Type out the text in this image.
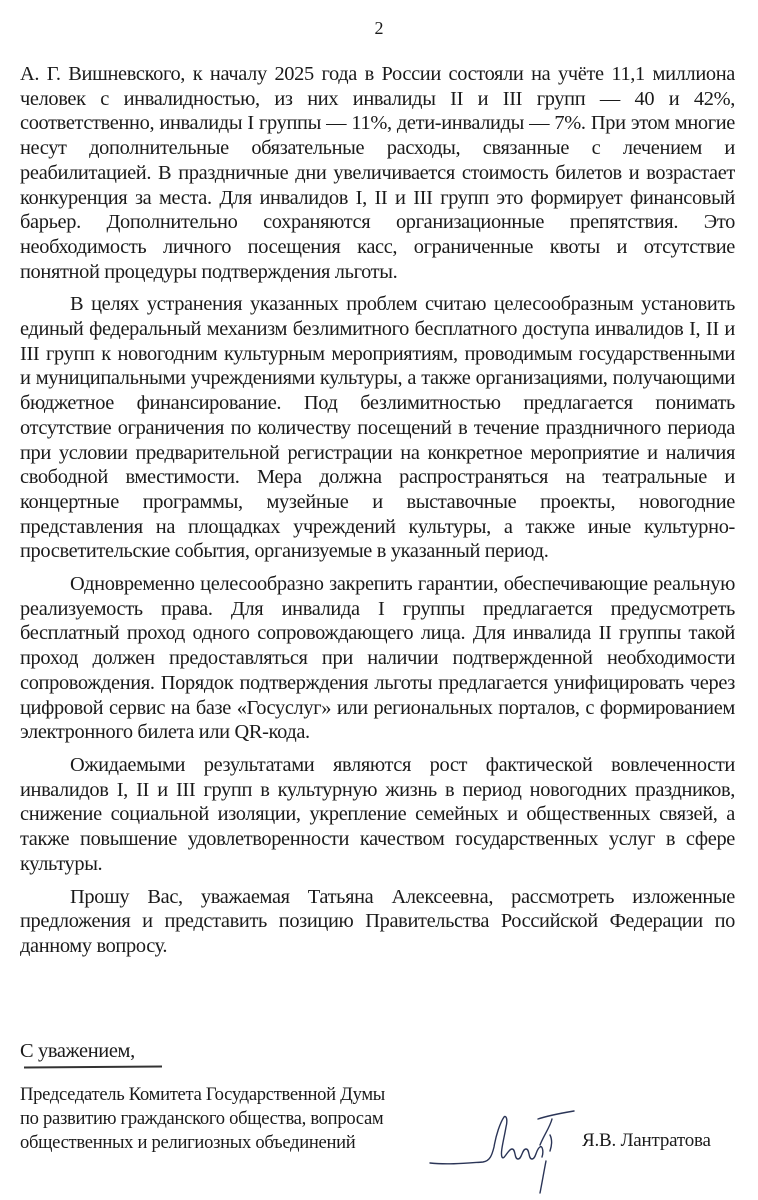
2

А. Г. Вишневского, к началу 2025 года в России состояли на учёте 11,1 миллиона человек с инвалидностью, из них инвалиды II и III групп — 40 и 42%, соответственно, инвалиды I группы — 11%, дети-инвалиды — 7%. При этом многие несут дополнительные обязательные расходы, связанные с лечением и реабилитацией. В праздничные дни увеличивается стоимость билетов и возрастает конкуренция за места. Для инвалидов I, II и III групп это формирует финансовый барьер. Дополнительно сохраняются организационные препятствия. Это необходимость личного посещения касс, ограниченные квоты и отсутствие понятной процедуры подтверждения льготы.

В целях устранения указанных проблем считаю целесообразным установить единый федеральный механизм безлимитного бесплатного доступа инвалидов I, II и III групп к новогодним культурным мероприятиям, проводимым государственными и муниципальными учреждениями культуры, а также организациями, получающими бюджетное финансирование. Под безлимитностью предлагается понимать отсутствие ограничения по количеству посещений в течение праздничного периода при условии предварительной регистрации на конкретное мероприятие и наличия свободной вместимости. Мера должна распространяться на театральные и концертные программы, музейные и выставочные проекты, новогодние представления на площадках учреждений культуры, а также иные культурно-просветительские события, организуемые в указанный период.

Одновременно целесообразно закрепить гарантии, обеспечивающие реальную реализуемость права. Для инвалида I группы предлагается предусмотреть бесплатный проход одного сопровождающего лица. Для инвалида II группы такой проход должен предоставляться при наличии подтвержденной необходимости сопровождения. Порядок подтверждения льготы предлагается унифицировать через цифровой сервис на базе «Госуслуг» или региональных порталов, с формированием электронного билета или QR-кода.

Ожидаемыми результатами являются рост фактической вовлеченности инвалидов I, II и III групп в культурную жизнь в период новогодних праздников, снижение социальной изоляции, укрепление семейных и общественных связей, а также повышение удовлетворенности качеством государственных услуг в сфере культуры.

Прошу Вас, уважаемая Татьяна Алексеевна, рассмотреть изложенные предложения и представить позицию Правительства Российской Федерации по данному вопросу.

С уважением,
Председатель Комитета Государственной Думы
по развитию гражданского общества, вопросам
общественных и религиозных объединений	Я.В. Лантратова
